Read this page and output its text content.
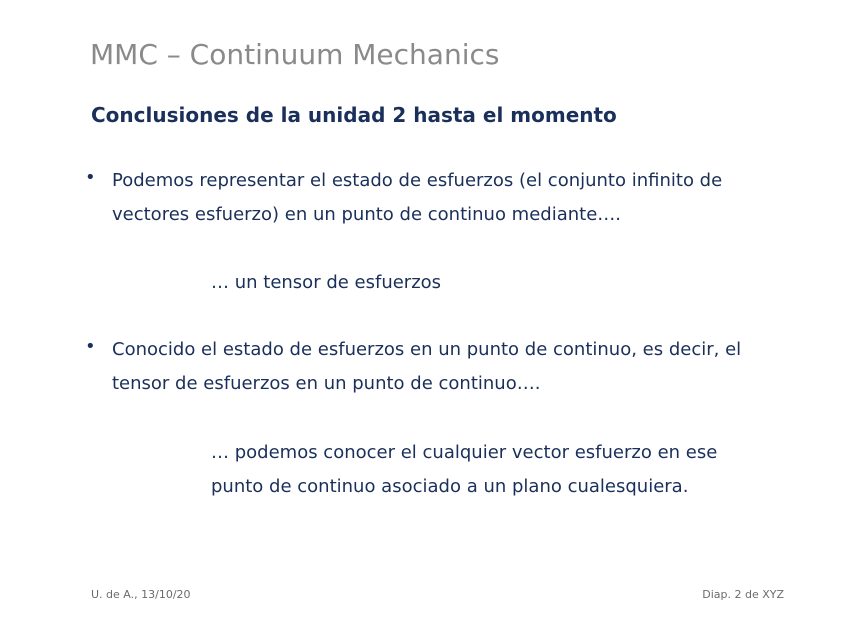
MMC – Continuum Mechanics
Conclusiones de la unidad 2 hasta el momento
• Podemos representar el estado de esfuerzos (el conjunto infinito de vectores esfuerzo) en un punto de continuo mediante….
… un tensor de esfuerzos
• Conocido el estado de esfuerzos en un punto de continuo, es decir, el tensor de esfuerzos en un punto de continuo….
… podemos conocer el cualquier vector esfuerzo en ese punto de continuo asociado a un plano cualesquiera.
U. de A., 13/10/20	Diap. 2 de XYZ
